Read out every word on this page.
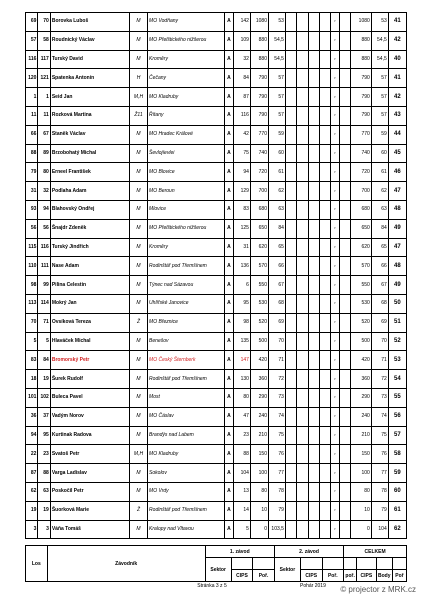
69	70	Borovka Luboš	M	MO Vodňany	A	142	1080	53					r		1080	53	41
57	58	Roudnický Václav	M	MO Přelštického nížšerou	A	109	880	54,5					r		880	54,5	42
116	117	Turský David	M	Kroměry	A	32	880	54,5					r		880	54,5	40
120	121	Spatenka Antonín	H	Čečany	A	84	790	57					r		790	57	41
1	1	Seid Jan	M,H	MO Kladruby	A	87	790	57					r		790	57	42
11	11	Rozková Martina	Ž11	Řítany	A	116	790	57					r		790	57	43
66	67	Staněk Václav	M	MO Hradec Králové	A	42	770	59					r		770	59	44
88	89	Brzobohatý Michal	M	Ševlojíevlei	A	75	740	60					r		740	60	45
79	80	Erneel František	M	MO Blovice	A	94	720	61					r		720	61	46
31	32	Podlaha Adam	M	MO Beroun	A	129	700	62					r		700	62	47
93	94	Blahovský Ondřej	M	Mlovice	A	83	680	63					r		680	63	48
56	56	Šnajdr Zdeněk	M	MO Přelštického nížšerou	A	125	650	84					r		650	84	49
115	116	Turský Jindřich	M	Kroměry	A	31	620	65					r		620	65	47
110	111	Nase Adam	M	Rodinštář pod Třemšínem	A	136	570	66					r		570	66	48
98	99	Pilina Celestin	M	Týnec nad Sázavou	A	6	550	67					r		550	67	49
113	114	Mokrý Jan	M	Uhlířské Janovice	A	95	530	68					r		530	68	50
70	71	Ovsíková Tereza	Ž	MO Březnice	A	98	520	69					r		520	69	51
5	5	Hlaváček Michal	M	Benešov	A	135	500	70					r		500	70	52
83	84	Bromorský Petr	M	MO Český Šternberk	A	147	420	71					r		420	71	53
18	19	Šurek Rudolf	M	Rodinštář pod Třemšínem	A	130	360	72					r		360	72	54
101	102	Buleca Pavel	M	Most	A	80	290	73					r		290	73	55
36	37	Vadým Norov	M	MO Čáslav	A	47	240	74					r		240	74	56
94	95	Kurtinak Radova	M	Brandýs nad Labem	A	23	210	75					r		210	75	57
22	23	Svatoš Petr	M,H	MO Kladruby	A	88	150	76					r		150	76	58
87	88	Varga Ladislav	M	Sokolov	A	104	100	77					r		100	77	59
62	63	Poskočil Petr	M	MO Vrdy	A	13	80	78					r		80	78	60
19	19	Šuorková Marie	Ž	Rodinštář pod Třemšínem	A	14	10	79					r		10	79	61
3	3	Váňa Tomáš	M	Kralopy nad Vltavou	A	5	0	103,5					r		0	104	62
Los	Závodník	1. závod			2. závod			CELKEM			
		Sektor			Sektor						
			CIPS	Poř.		CIPS	Poř.	poř.	CIPS	Body	Poř
Stránka 3 z 5	Pohár 2019 © projector z MRK.cz
